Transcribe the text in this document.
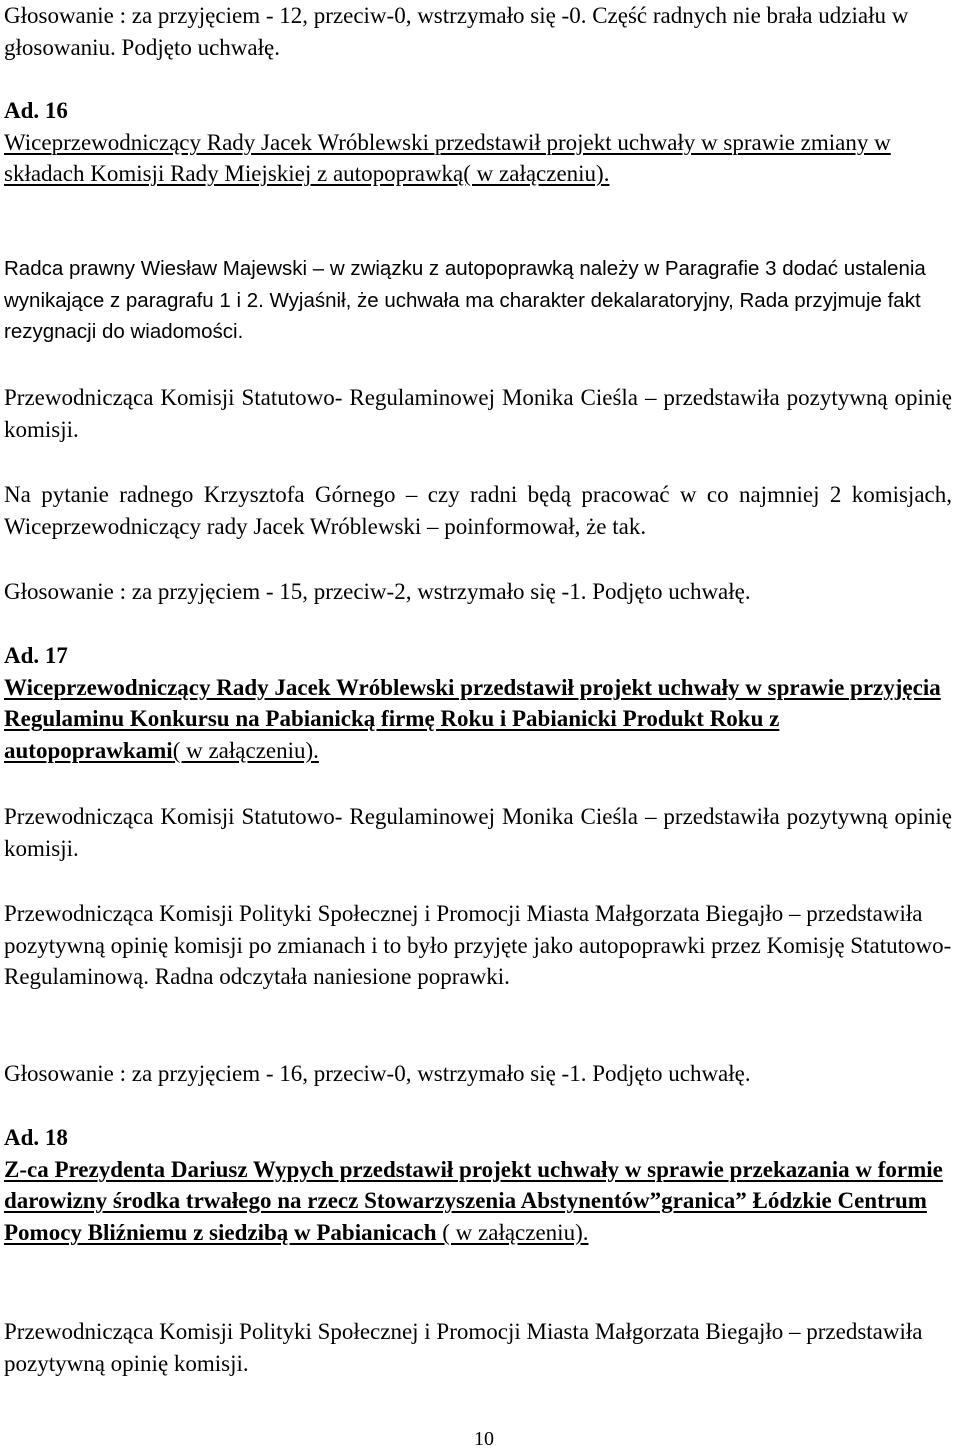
Głosowanie : za przyjęciem - 12, przeciw-0, wstrzymało się -0. Część radnych nie brała udziału w głosowaniu. Podjęto uchwałę.

Ad. 16
Wiceprzewodniczący Rady Jacek Wróblewski przedstawił projekt uchwały w sprawie zmiany w składach Komisji Rady Miejskiej z autopoprawką( w załączeniu).

Radca prawny Wiesław Majewski – w związku z autopoprawką należy w Paragrafie 3 dodać ustalenia wynikające z paragrafu 1 i 2. Wyjaśnił, że uchwała ma charakter dekalaratoryjny, Rada przyjmuje fakt rezygnacji do wiadomości.

Przewodnicząca Komisji Statutowo- Regulaminowej Monika Cieśla – przedstawiła pozytywną opinię komisji.

Na pytanie radnego Krzysztofa Górnego – czy radni będą pracować w co najmniej 2 komisjach, Wiceprzewodniczący rady Jacek Wróblewski – poinformował, że tak.

Głosowanie : za przyjęciem - 15, przeciw-2, wstrzymało się -1. Podjęto uchwałę.

Ad. 17
Wiceprzewodniczący Rady Jacek Wróblewski przedstawił projekt uchwały w sprawie przyjęcia Regulaminu Konkursu na Pabianicką firmę Roku i Pabianicki Produkt Roku z autopoprawkami( w załączeniu).

Przewodnicząca Komisji Statutowo- Regulaminowej Monika Cieśla – przedstawiła pozytywną opinię komisji.

Przewodnicząca Komisji Polityki Społecznej i Promocji Miasta Małgorzata Biegajło – przedstawiła pozytywną opinię komisji po zmianach i to było przyjęte jako autopoprawki przez Komisję Statutowo- Regulaminową. Radna odczytała naniesione poprawki.

Głosowanie : za przyjęciem - 16, przeciw-0, wstrzymało się -1. Podjęto uchwałę.

Ad. 18
Z-ca Prezydenta Dariusz Wypych przedstawił projekt uchwały w sprawie przekazania w formie darowizny środka trwałego na rzecz Stowarzyszenia Abstynentów”granica” Łódzkie Centrum Pomocy Bliźniemu z siedzibą w Pabianicach ( w załączeniu).

Przewodnicząca Komisji Polityki Społecznej i Promocji Miasta Małgorzata Biegajło – przedstawiła pozytywną opinię komisji.

10
